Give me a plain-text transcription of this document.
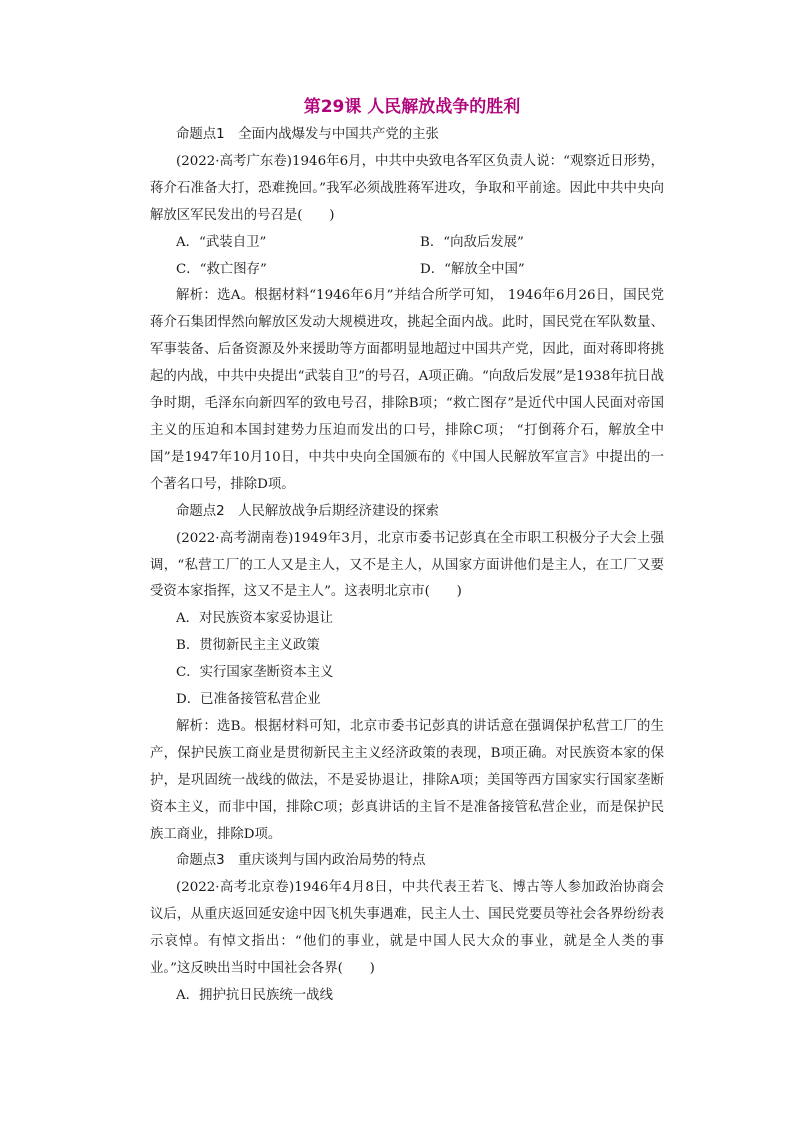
第29课 人民解放战争的胜利
命题点1　全面内战爆发与中国共产党的主张

(2022·高考广东卷)1946年6月，中共中央致电各军区负责人说：“观察近日形势，蒋介石准备大打，恐难挽回。”我军必须战胜蒋军进攻，争取和平前途。因此中共中央向解放区军民发出的号召是(　　)

A．“武装自卫”	B．“向敌后发展”
C．“救亡图存”	D．“解放全中国”

解析：选A。根据材料“1946年6月”并结合所学可知， 1946年6月26日，国民党蒋介石集团悍然向解放区发动大规模进攻，挑起全面内战。此时，国民党在军队数量、军事装备、后备资源及外来援助等方面都明显地超过中国共产党，因此，面对蒋即将挑起的内战，中共中央提出“武装自卫”的号召，A项正确。“向敌后发展”是1938年抗日战争时期，毛泽东向新四军的致电号召，排除B项；“救亡图存”是近代中国人民面对帝国主义的压迫和本国封建势力压迫而发出的口号，排除C项； “打倒蒋介石，解放全中国”是1947年10月10日，中共中央向全国颁布的《中国人民解放军宣言》中提出的一个著名口号，排除D项。

命题点2　人民解放战争后期经济建设的探索

(2022·高考湖南卷)1949年3月，北京市委书记彭真在全市职工积极分子大会上强调，“私营工厂的工人又是主人，又不是主人，从国家方面讲他们是主人，在工厂又要受资本家指挥，这又不是主人”。这表明北京市(　　)

A．对民族资本家妥协退让
B．贯彻新民主主义政策
C．实行国家垄断资本主义
D．已准备接管私营企业

解析：选B。根据材料可知，北京市委书记彭真的讲话意在强调保护私营工厂的生产，保护民族工商业是贯彻新民主主义经济政策的表现，B项正确。对民族资本家的保护，是巩固统一战线的做法，不是妥协退让，排除A项；美国等西方国家实行国家垄断资本主义，而非中国，排除C项；彭真讲话的主旨不是准备接管私营企业，而是保护民族工商业，排除D项。

命题点3　重庆谈判与国内政治局势的特点

(2022·高考北京卷)1946年4月8日，中共代表王若飞、博古等人参加政治协商会议后，从重庆返回延安途中因飞机失事遇难，民主人士、国民党要员等社会各界纷纷表示哀悼。有悼文指出：“他们的事业，就是中国人民大众的事业，就是全人类的事业。”这反映出当时中国社会各界(　　)

A．拥护抗日民族统一战线
